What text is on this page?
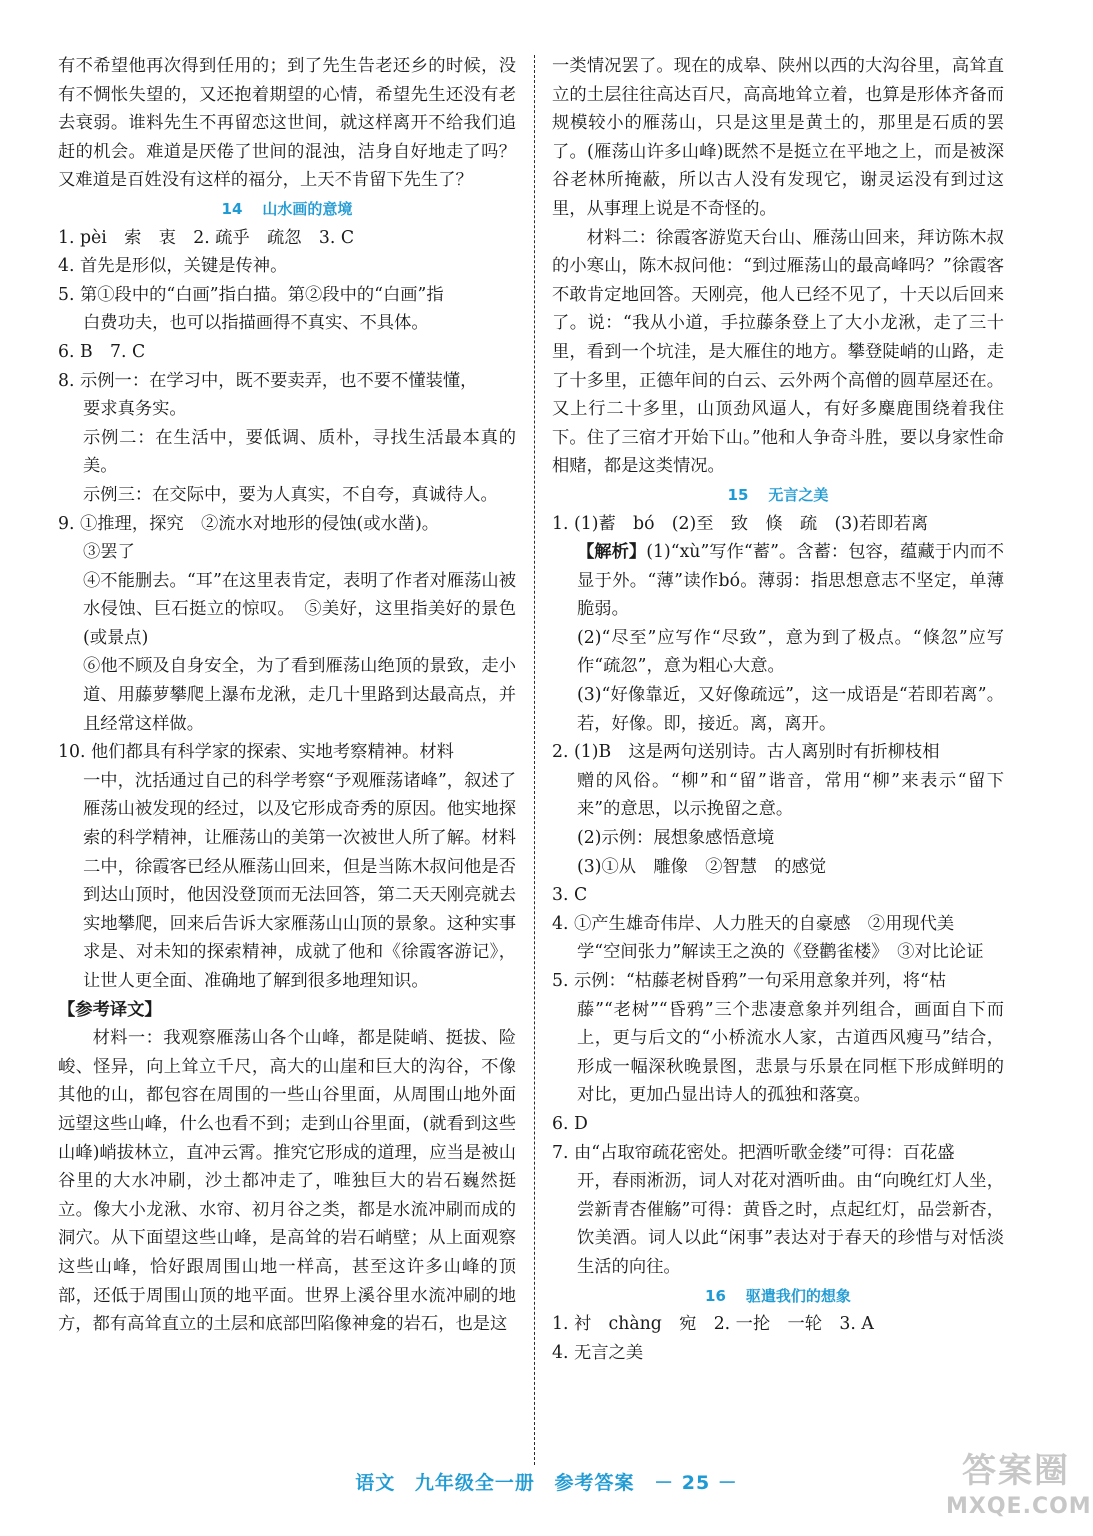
有不希望他再次得到任用的；到了先生告老还乡的时候，没有不惆怅失望的，又还抱着期望的心情，希望先生还没有老去衰弱。谁料先生不再留恋这世间，就这样离开不给我们追赶的机会。难道是厌倦了世间的混浊，洁身自好地走了吗？又难道是百姓没有这样的福分，上天不肯留下先生了？
14 山水画的意境
1. pèi　索　衷　2. 疏乎　疏忽　3. C
4. 首先是形似，关键是传神。
5. 第①段中的“白画”指白描。第②段中的“白画”指
白费功夫，也可以指描画得不真实、不具体。
6. B　7. C
8. 示例一：在学习中，既不要卖弄，也不要不懂装懂，
要求真务实。
示例二：在生活中，要低调、质朴，寻找生活最本真的美。
示例三：在交际中，要为人真实，不自夸，真诚待人。
9. ①推理，探究　②流水对地形的侵蚀(或水凿)。
③罢了
④不能删去。“耳”在这里表肯定，表明了作者对雁荡山被水侵蚀、巨石挺立的惊叹。　⑤美好，这里指美好的景色(或景点)
⑥他不顾及自身安全，为了看到雁荡山绝顶的景致，走小道、用藤萝攀爬上瀑布龙湫，走几十里路到达最高点，并且经常这样做。
10. 他们都具有科学家的探索、实地考察精神。材料
一中，沈括通过自己的科学考察“予观雁荡诸峰”，叙述了雁荡山被发现的经过，以及它形成奇秀的原因。他实地探索的科学精神，让雁荡山的美第一次被世人所了解。材料二中，徐霞客已经从雁荡山回来，但是当陈木叔问他是否到达山顶时，他因没登顶而无法回答，第二天天刚亮就去实地攀爬，回来后告诉大家雁荡山山顶的景象。这种实事求是、对未知的探索精神，成就了他和《徐霞客游记》，让世人更全面、准确地了解到很多地理知识。
【参考译文】
材料一：我观察雁荡山各个山峰，都是陡峭、挺拔、险峻、怪异，向上耸立千尺，高大的山崖和巨大的沟谷，不像其他的山，都包容在周围的一些山谷里面，从周围山地外面远望这些山峰，什么也看不到；走到山谷里面，(就看到这些山峰)峭拔林立，直冲云霄。推究它形成的道理，应当是被山谷里的大水冲刷，沙土都冲走了，唯独巨大的岩石巍然挺立。像大小龙湫、水帘、初月谷之类，都是水流冲刷而成的洞穴。从下面望这些山峰，是高耸的岩石峭壁；从上面观察这些山峰，恰好跟周围山地一样高，甚至这许多山峰的顶部，还低于周围山顶的地平面。世界上溪谷里水流冲刷的地方，都有高耸直立的土层和底部凹陷像神龛的岩石，也是这
一类情况罢了。现在的成皋、陕州以西的大沟谷里，高耸直立的土层往往高达百尺，高高地耸立着，也算是形体齐备而规模较小的雁荡山，只是这里是黄土的，那里是石质的罢了。(雁荡山许多山峰)既然不是挺立在平地之上，而是被深谷老林所掩蔽，所以古人没有发现它，谢灵运没有到过这里，从事理上说是不奇怪的。
材料二：徐霞客游览天台山、雁荡山回来，拜访陈木叔的小寒山，陈木叔问他：“到过雁荡山的最高峰吗？”徐霞客不敢肯定地回答。天刚亮，他人已经不见了，十天以后回来了。说：“我从小道，手拉藤条登上了大小龙湫，走了三十里，看到一个坑洼，是大雁住的地方。攀登陡峭的山路，走了十多里，正德年间的白云、云外两个高僧的圆草屋还在。又上行二十多里，山顶劲风逼人，有好多麋鹿围绕着我住下。住了三宿才开始下山。”他和人争奇斗胜，要以身家性命相赌，都是这类情况。
15 无言之美
1. (1)蓄　bó　(2)至　致　倏　疏　(3)若即若离
【解析】(1)“xù”写作“蓄”。含蓄：包容，蕴藏于内而不显于外。“薄”读作bó。薄弱：指思想意志不坚定，单薄脆弱。
(2)“尽至”应写作“尽致”，意为到了极点。“倏忽”应写作“疏忽”，意为粗心大意。
(3)“好像靠近，又好像疏远”，这一成语是“若即若离”。若，好像。即，接近。离，离开。
2. (1)B　这是两句送别诗。古人离别时有折柳枝相
赠的风俗。“柳”和“留”谐音，常用“柳”来表示“留下来”的意思，以示挽留之意。
(2)示例：展想象感悟意境
(3)①从　雕像　②智慧　的感觉
3. C
4. ①产生雄奇伟岸、人力胜天的自豪感　②用现代美
学“空间张力”解读王之涣的《登鹳雀楼》　③对比论证
5. 示例：“枯藤老树昏鸦”一句采用意象并列，将“枯
藤”“老树”“昏鸦”三个悲凄意象并列组合，画面自下而上，更与后文的“小桥流水人家，古道西风瘦马”结合，形成一幅深秋晚景图，悲景与乐景在同框下形成鲜明的对比，更加凸显出诗人的孤独和落寞。
6. D
7. 由“占取帘疏花密处。把酒听歌金缕”可得：百花盛
开，春雨淅沥，词人对花对酒听曲。由“向晚红灯人坐，尝新青杏催觞”可得：黄昏之时，点起红灯，品尝新杏，饮美酒。词人以此“闲事”表达对于春天的珍惜与对恬淡生活的向往。
16 驱遣我们的想象
1. 衬　chàng　宛　2. 一抡　一轮　3. A
4. 无言之美
语文 九年级全一册 参考答案 － 25 －	答案圈
MXQE.COM
